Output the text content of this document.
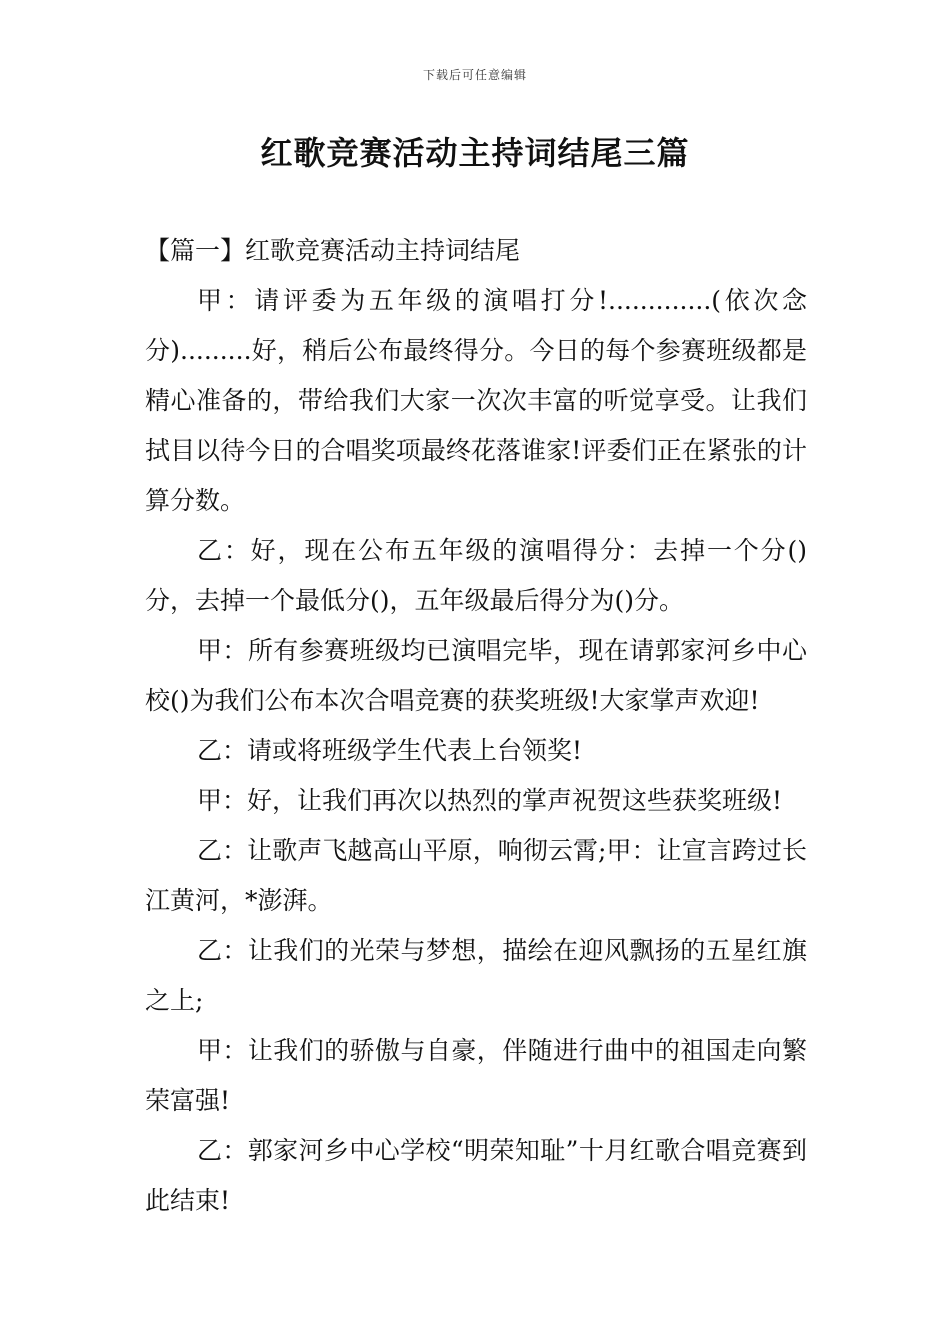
下载后可任意编辑
红歌竞赛活动主持词结尾三篇

【篇一】红歌竞赛活动主持词结尾

甲：请评委为五年级的演唱打分!.............(依次念分).........好，稍后公布最终得分。今日的每个参赛班级都是精心准备的，带给我们大家一次次丰富的听觉享受。让我们拭目以待今日的合唱奖项最终花落谁家!评委们正在紧张的计算分数。

乙：好，现在公布五年级的演唱得分：去掉一个分()分，去掉一个最低分()，五年级最后得分为()分。

甲：所有参赛班级均已演唱完毕，现在请郭家河乡中心校()为我们公布本次合唱竞赛的获奖班级!大家掌声欢迎!

乙：请或将班级学生代表上台领奖!

甲：好，让我们再次以热烈的掌声祝贺这些获奖班级!

乙：让歌声飞越高山平原，响彻云霄;甲：让宣言跨过长江黄河，*澎湃。

乙：让我们的光荣与梦想，描绘在迎风飘扬的五星红旗之上;

甲：让我们的骄傲与自豪，伴随进行曲中的祖国走向繁荣富强!

乙：郭家河乡中心学校“明荣知耻”十月红歌合唱竞赛到此结束!
